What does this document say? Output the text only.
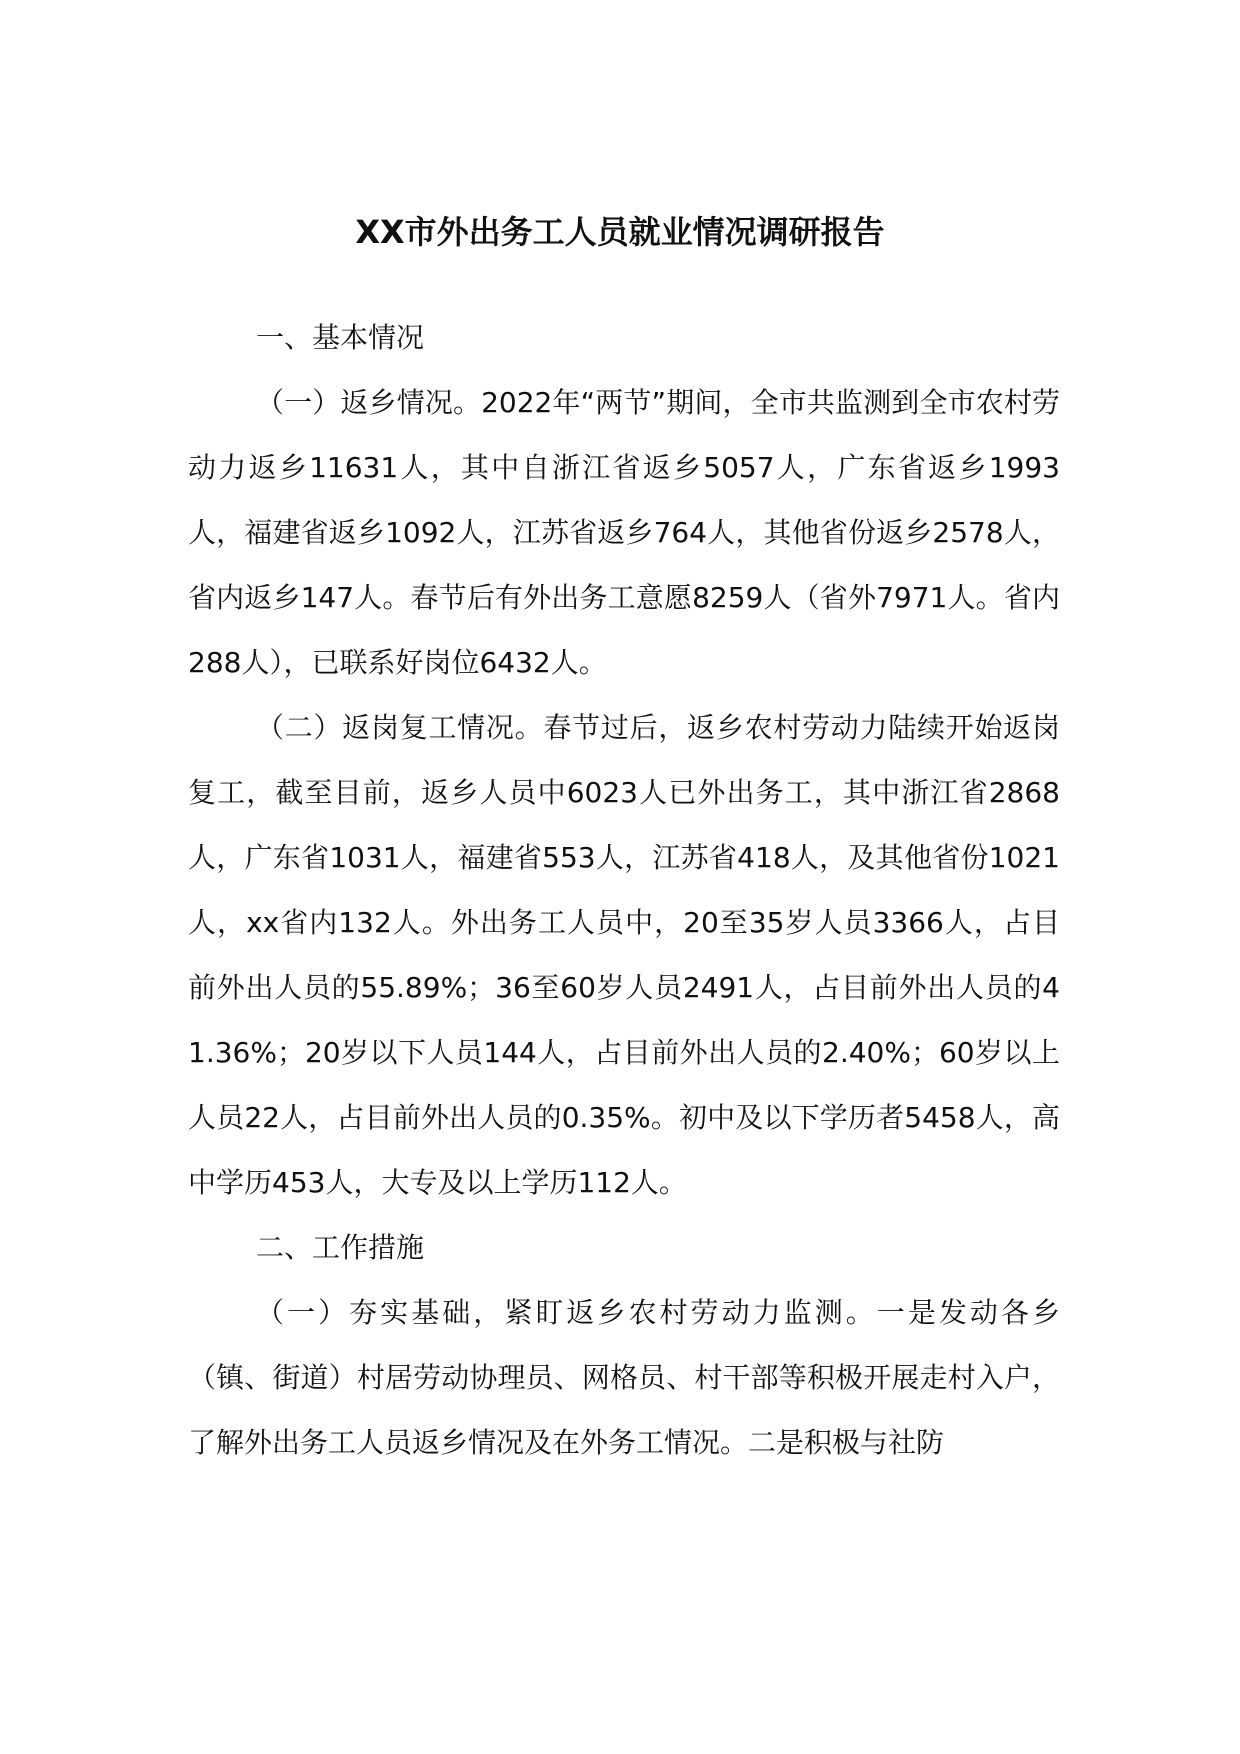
XX市外出务工人员就业情况调研报告

一、基本情况

（一）返乡情况。2022年“两节”期间，全市共监测到全市农村劳动力返乡11631人，其中自浙江省返乡5057人，广东省返乡1993人，福建省返乡1092人，江苏省返乡764人，其他省份返乡2578人，省内返乡147人。春节后有外出务工意愿8259人（省外7971人。省内288人），已联系好岗位6432人。

（二）返岗复工情况。春节过后，返乡农村劳动力陆续开始返岗复工，截至目前，返乡人员中6023人已外出务工，其中浙江省2868人，广东省1031人，福建省553人，江苏省418人，及其他省份1021人，xx省内132人。外出务工人员中，20至35岁人员3366人，占目前外出人员的55.89%；36至60岁人员2491人，占目前外出人员的41.36%；20岁以下人员144人，占目前外出人员的2.40%；60岁以上人员22人，占目前外出人员的0.35%。初中及以下学历者5458人，高中学历453人，大专及以上学历112人。

二、工作措施

（一）夯实基础，紧盯返乡农村劳动力监测。一是发动各乡（镇、街道）村居劳动协理员、网格员、村干部等积极开展走村入户，了解外出务工人员返乡情况及在外务工情况。二是积极与社防
